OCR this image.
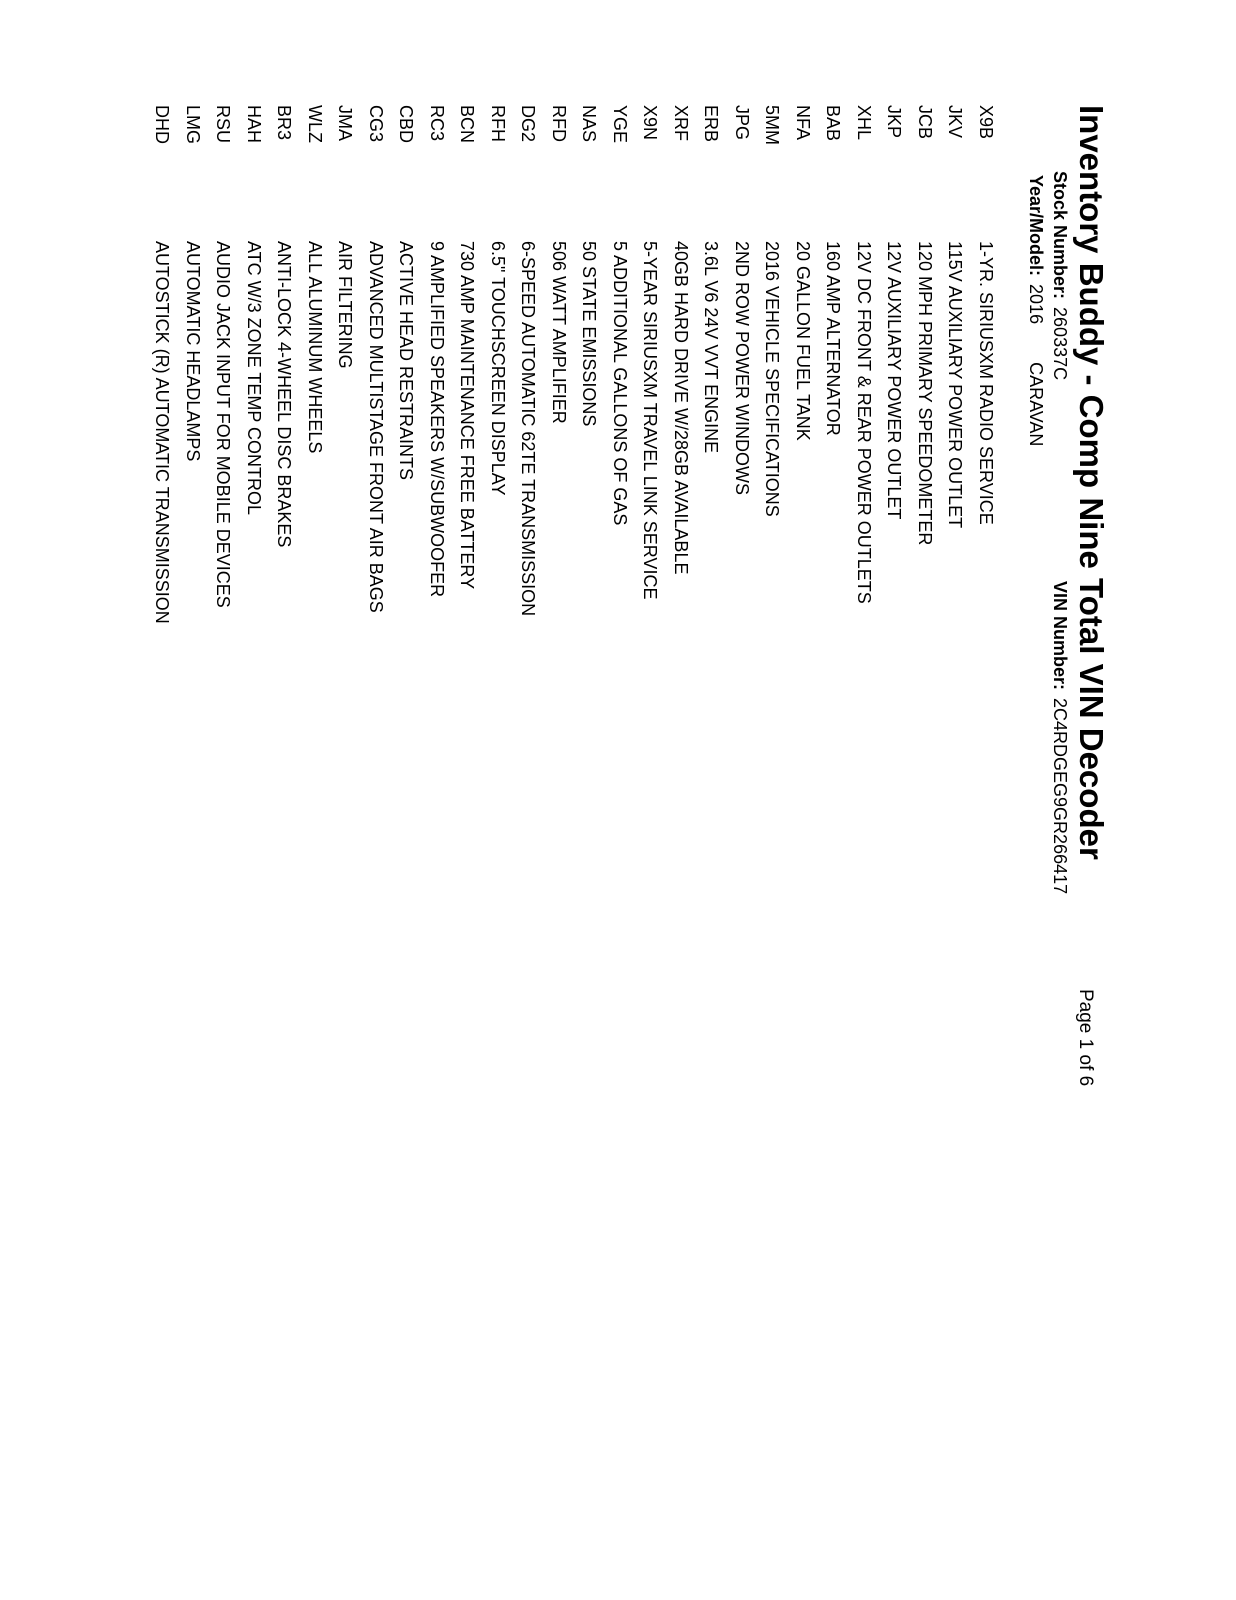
Inventory Buddy - Comp Nine Total VIN Decoder
Page 1 of 6
Stock Number:260337C
Year/Model:2016CARAVAN
VIN Number:2C4RDGEG9GR266417
X9B
1-YR. SIRIUSXM RADIO SERVICE
JKV
115V AUXILIARY POWER OUTLET
JCB
120 MPH PRIMARY SPEEDOMETER
JKP
12V AUXILIARY POWER OUTLET
XHL
12V DC FRONT & REAR POWER OUTLETS
BAB
160 AMP ALTERNATOR
NFA
20 GALLON FUEL TANK
5MM
2016 VEHICLE SPECIFICATIONS
JPG
2ND ROW POWER WINDOWS
ERB
3.6L V6 24V VVT ENGINE
XRF
40GB HARD DRIVE W/28GB AVAILABLE
X9N
5-YEAR SIRIUSXM TRAVEL LINK SERVICE
YGE
5 ADDITIONAL GALLONS OF GAS
NAS
50 STATE EMISSIONS
RFD
506 WATT AMPLIFIER
DG2
6-SPEED AUTOMATIC 62TE TRANSMISSION
RFH
6.5" TOUCHSCREEN DISPLAY
BCN
730 AMP MAINTENANCE FREE BATTERY
RC3
9 AMPLIFIED SPEAKERS W/SUBWOOFER
CBD
ACTIVE HEAD RESTRAINTS
CG3
ADVANCED MULTISTAGE FRONT AIR BAGS
JMA
AIR FILTERING
WLZ
ALL ALUMINUM WHEELS
BR3
ANTI-LOCK 4-WHEEL DISC BRAKES
HAH
ATC W/3 ZONE TEMP CONTROL
RSU
AUDIO JACK INPUT FOR MOBILE DEVICES
LMG
AUTOMATIC HEADLAMPS
DHD
AUTOSTICK (R) AUTOMATIC TRANSMISSION
